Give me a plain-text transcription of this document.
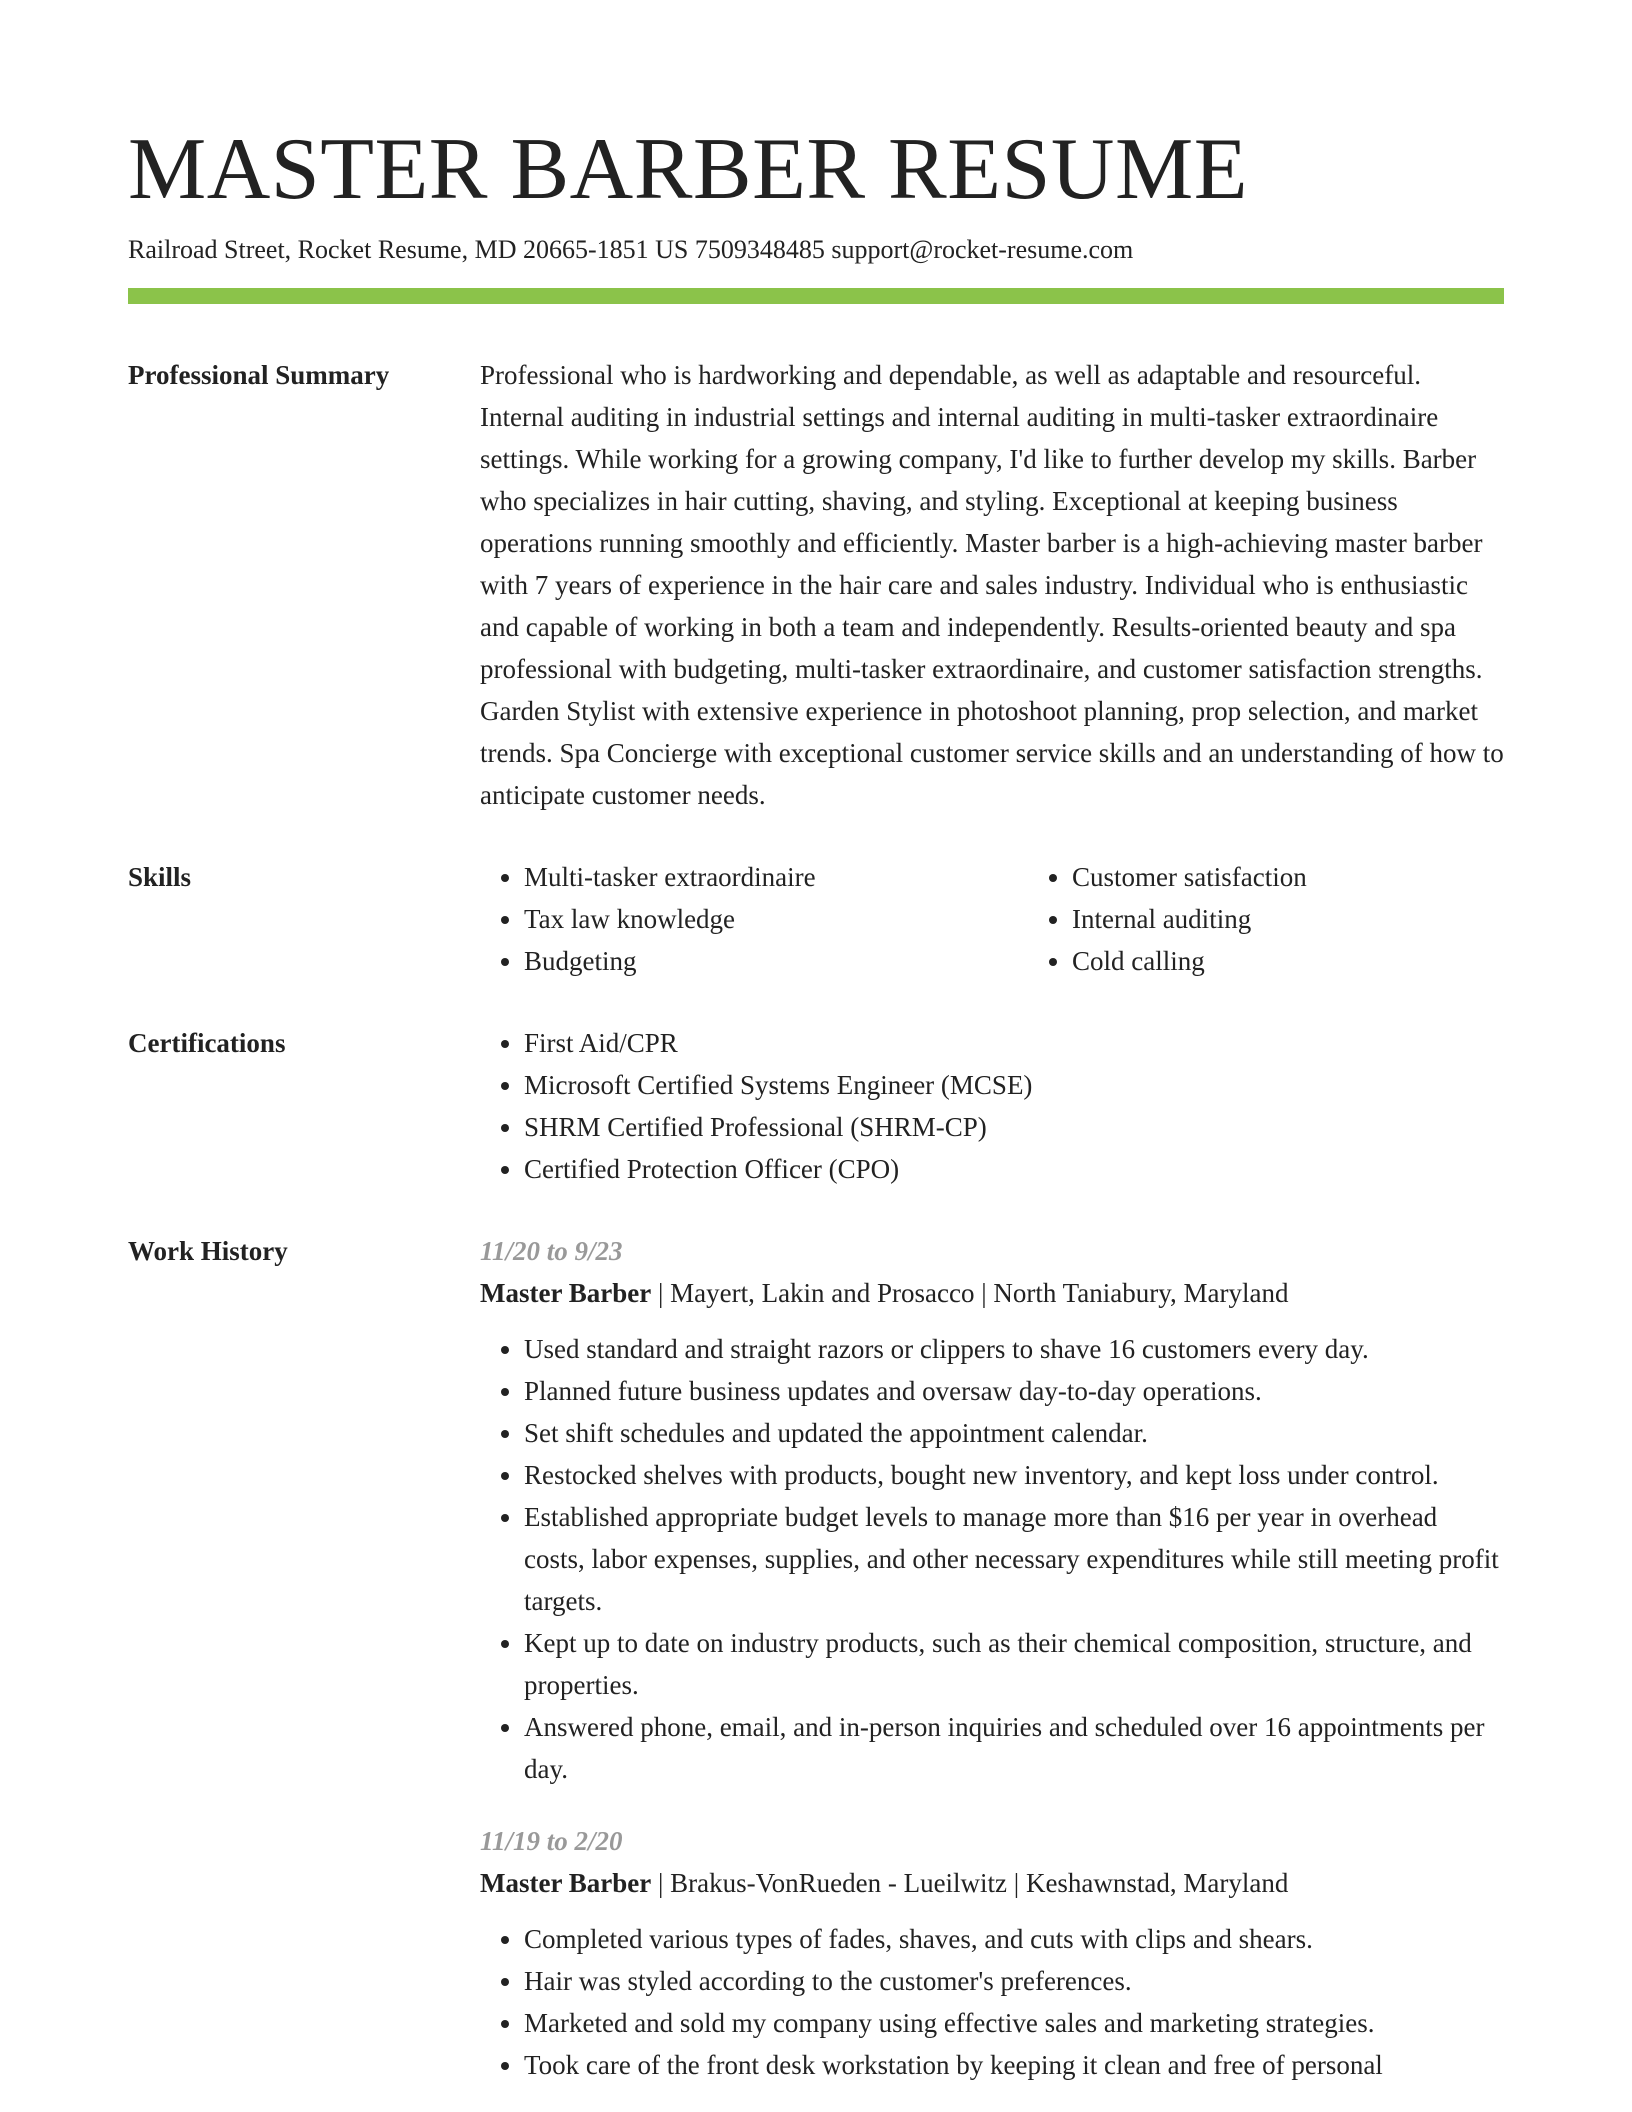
MASTER BARBER RESUME
Railroad Street, Rocket Resume, MD 20665-1851 US 7509348485 support@rocket-resume.com
Professional Summary	Professional who is hardworking and dependable, as well as adaptable and resourceful. Internal auditing in industrial settings and internal auditing in multi-tasker extraordinaire settings. While working for a growing company, I'd like to further develop my skills. Barber who specializes in hair cutting, shaving, and styling. Exceptional at keeping business operations running smoothly and efficiently. Master barber is a high-achieving master barber with 7 years of experience in the hair care and sales industry. Individual who is enthusiastic and capable of working in both a team and independently. Results-oriented beauty and spa professional with budgeting, multi-tasker extraordinaire, and customer satisfaction strengths. Garden Stylist with extensive experience in photoshoot planning, prop selection, and market trends. Spa Concierge with exceptional customer service skills and an understanding of how to anticipate customer needs.

Skills	• Multi-tasker extraordinaire
• Tax law knowledge
• Budgeting
• Customer satisfaction
• Internal auditing
• Cold calling
Certifications	• First Aid/CPR
• Microsoft Certified Systems Engineer (MCSE)
• SHRM Certified Professional (SHRM-CP)
• Certified Protection Officer (CPO)
Work History	11/20 to 9/23
Master Barber | Mayert, Lakin and Prosacco | North Taniabury, Maryland
• Used standard and straight razors or clippers to shave 16 customers every day.
• Planned future business updates and oversaw day-to-day operations.
• Set shift schedules and updated the appointment calendar.
• Restocked shelves with products, bought new inventory, and kept loss under control.
• Established appropriate budget levels to manage more than $16 per year in overhead costs, labor expenses, supplies, and other necessary expenditures while still meeting profit targets.
• Kept up to date on industry products, such as their chemical composition, structure, and properties.
• Answered phone, email, and in-person inquiries and scheduled over 16 appointments per day.
11/19 to 2/20
Master Barber | Brakus-VonRueden - Lueilwitz | Keshawnstad, Maryland
• Completed various types of fades, shaves, and cuts with clips and shears.
• Hair was styled according to the customer's preferences.
• Marketed and sold my company using effective sales and marketing strategies.
• Took care of the front desk workstation by keeping it clean and free of personal
